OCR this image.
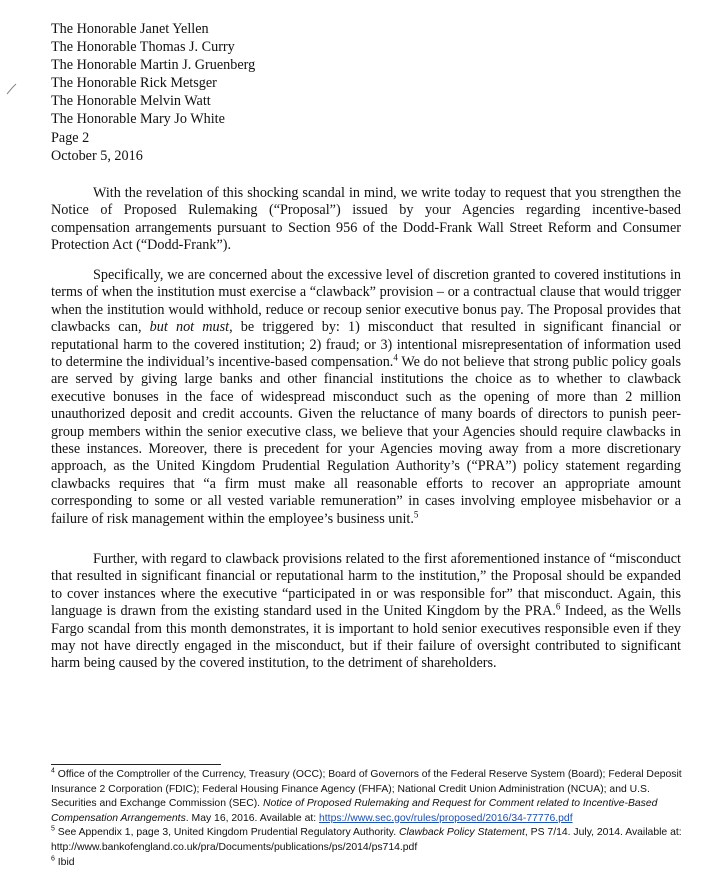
The Honorable Janet Yellen
The Honorable Thomas J. Curry
The Honorable Martin J. Gruenberg
The Honorable Rick Metsger
The Honorable Melvin Watt
The Honorable Mary Jo White
Page 2
October 5, 2016

With the revelation of this shocking scandal in mind, we write today to request that you strengthen the Notice of Proposed Rulemaking (“Proposal”) issued by your Agencies regarding incentive-based compensation arrangements pursuant to Section 956 of the Dodd-Frank Wall Street Reform and Consumer Protection Act (“Dodd-Frank”).

Specifically, we are concerned about the excessive level of discretion granted to covered institutions in terms of when the institution must exercise a “clawback” provision – or a contractual clause that would trigger when the institution would withhold, reduce or recoup senior executive bonus pay. The Proposal provides that clawbacks can, but not must, be triggered by: 1) misconduct that resulted in significant financial or reputational harm to the covered institution; 2) fraud; or 3) intentional misrepresentation of information used to determine the individual’s incentive-based compensation.$^4$ We do not believe that strong public policy goals are served by giving large banks and other financial institutions the choice as to whether to clawback executive bonuses in the face of widespread misconduct such as the opening of more than 2 million unauthorized deposit and credit accounts. Given the reluctance of many boards of directors to punish peer-group members within the senior executive class, we believe that your Agencies should require clawbacks in these instances. Moreover, there is precedent for your Agencies moving away from a more discretionary approach, as the United Kingdom Prudential Regulation Authority’s (“PRA”) policy statement regarding clawbacks requires that “a firm must make all reasonable efforts to recover an appropriate amount corresponding to some or all vested variable remuneration” in cases involving employee misbehavior or a failure of risk management within the employee’s business unit.$^5$

Further, with regard to clawback provisions related to the first aforementioned instance of “misconduct that resulted in significant financial or reputational harm to the institution,” the Proposal should be expanded to cover instances where the executive “participated in or was responsible for” that misconduct. Again, this language is drawn from the existing standard used in the United Kingdom by the PRA.$^6$ Indeed, as the Wells Fargo scandal from this month demonstrates, it is important to hold senior executives responsible even if they may not have directly engaged in the misconduct, but if their failure of oversight contributed to significant harm being caused by the covered institution, to the detriment of shareholders.

$^4$ Office of the Comptroller of the Currency, Treasury (OCC); Board of Governors of the Federal Reserve System (Board); Federal Deposit Insurance 2 Corporation (FDIC); Federal Housing Finance Agency (FHFA); National Credit Union Administration (NCUA); and U.S. Securities and Exchange Commission (SEC). Notice of Proposed Rulemaking and Request for Comment related to Incentive-Based Compensation Arrangements. May 16, 2016. Available at: https://www.sec.gov/rules/proposed/2016/34-77776.pdf

$^5$ See Appendix 1, page 3, United Kingdom Prudential Regulatory Authority. Clawback Policy Statement, PS 7/14. July, 2014. Available at: http://www.bankofengland.co.uk/pra/Documents/publications/ps/2014/ps714.pdf

$^6$ Ibid
